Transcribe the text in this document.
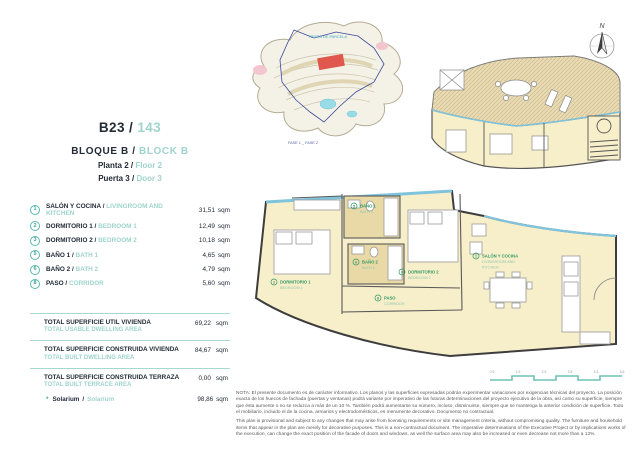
B23 / 143
BLOQUE B / BLOCK B
Planta 2 / Floor 2
Puerta 3 / Door 3
1	SALÓN Y COCINA / LIVINGROOM AND KITCHEN	31,51 sqm
2	DORMITORIO 1 / BEDROOM 1	12,49 sqm
3	DORMITORIO 2 / BEDROOM 2	10,18 sqm
5	BAÑO 1 / BATH 1	4,65 sqm
6	BAÑO 2 / BATH 2	4,79 sqm
8	PASO / CORRIDOR	5,60 sqm
TOTAL SUPERFICIE UTIL VIVIENDA
TOTAL USABLE DWELLING AREA
69,22 sqm
TOTAL SUPERFICIE CONSTRUIDA VIVIENDA
TOTAL BUILT DWELLING AREA
84,67 sqm
TOTAL SUPERFICIE CONSTRUIDA TERRAZA
TOTAL BUILT TERRACE AREA
0,00 sqm
* Solarium / Solarium	98,86 sqm
RESTO DE PARCELA
FASE 1 _ FASE 2
N
5 BAÑO 1
BATH 1
2 DORMITORIO 1
BEDROOM 1
6 BAÑO 2
BATH 2
3 DORMITORIO 2
BEDROOM 2
8 PASO
CORRIDOR
1 SALÓN Y COCINA
LIVINGROOM AND
KITCHEN
0,5	1,5	2,5	3,5	4,5	5,5

NOTA: El presente documento es de carácter informativo. Los planos y las superficies expresadas podrán experimentar variaciones por exigencias técnicas del proyecto. La posición exacta de los huecos de fachada (puertas y ventanas) podrá variarse por imperativo de las futuras determinaciones del proyecto ejecutivo de la obra, así como su superficie, siempre que ésta aumente o no se reduzca a más de un 10 %. También podrá aumentarse su número, incluso, disminuirse, siempre que se mantenga la anterior condición de superficie. Todo el mobiliario, incluido el de la cocina, armarios y electrodomésticos, es meramente decorativo. Documento no contractual.

This plan is provisional and subject to any changes that may arise from licensing requirements or site management criteria, without compromising quality. The furniture and household items that appear in the plan are merely for decorative purposes. This is a non-contractual document. The imperative determinations of the Executive Project or by implications works of the execution, can change the exact position of the facade of doors and windows, as well the surface area may also be increased or even decrease not more than a 12%.
